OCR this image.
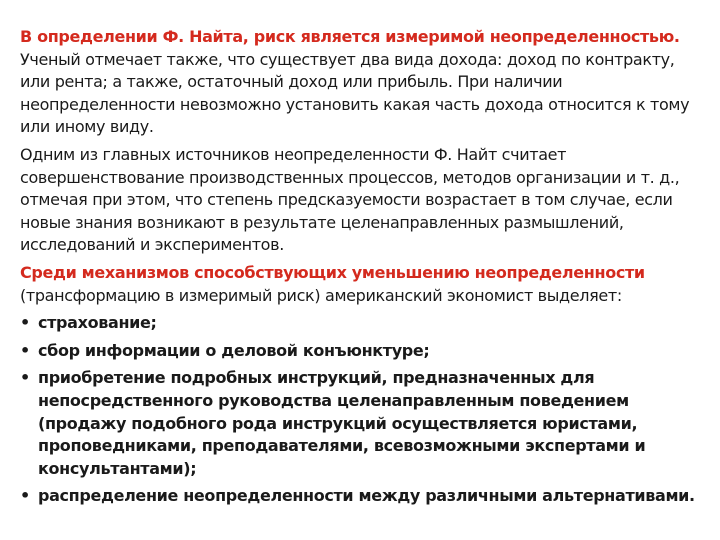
В определении Ф. Найта, риск является измеримой неопределенностью.
Ученый отмечает также, что существует два вида дохода: доход по контракту, или рента; а также, остаточный доход или прибыль. При наличии неопределенности невозможно установить какая часть дохода относится к тому или иному виду.

Одним из главных источников неопределенности Ф. Найт считает совершенствование производственных процессов, методов организации и т. д., отмечая при этом, что степень предсказуемости возрастает в том случае, если новые знания возникают в результате целенаправленных размышлений, исследований и экспериментов.

Среди механизмов способствующих уменьшению неопределенности
(трансформацию в измеримый риск) американский экономист выделяет:

• страхование;
• сбор информации о деловой конъюнктуре;
• приобретение подробных инструкций, предназначенных для непосредственного руководства целенаправленным поведением (продажу подобного рода инструкций осуществляется юристами, проповедниками, преподавателями, всевозможными экспертами и консультантами);
• распределение неопределенности между различными альтернативами.
